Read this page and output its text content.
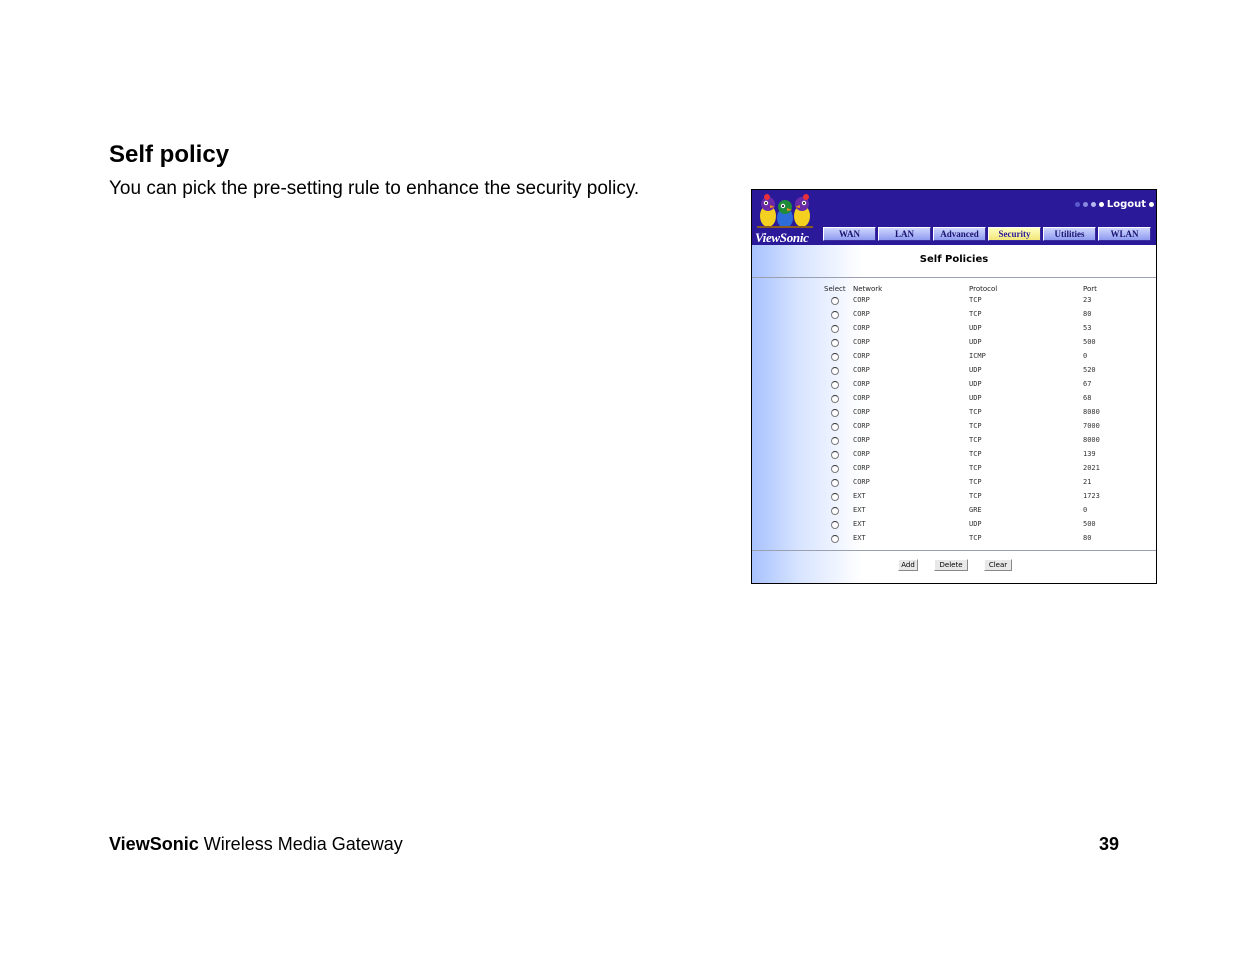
Self policy

You can pick the pre-setting rule to enhance the security policy.

ViewSonic
Logout
WAN	LAN	Advanced	Security	Utilities	WLAN
Self Policies
Select Network	Protocol	Port
CORP	TCP	23
CORP	TCP	80
CORP	UDP	53
CORP	UDP	500
CORP	ICMP	0
CORP	UDP	520
CORP	UDP	67
CORP	UDP	68
CORP	TCP	8080
CORP	TCP	7000
CORP	TCP	8000
CORP	TCP	139
CORP	TCP	2021
CORP	TCP	21
EXT	TCP	1723
EXT	GRE	0
EXT	UDP	500
EXT	TCP	80
Add	Delete	Clear
ViewSonic Wireless Media Gateway	39
